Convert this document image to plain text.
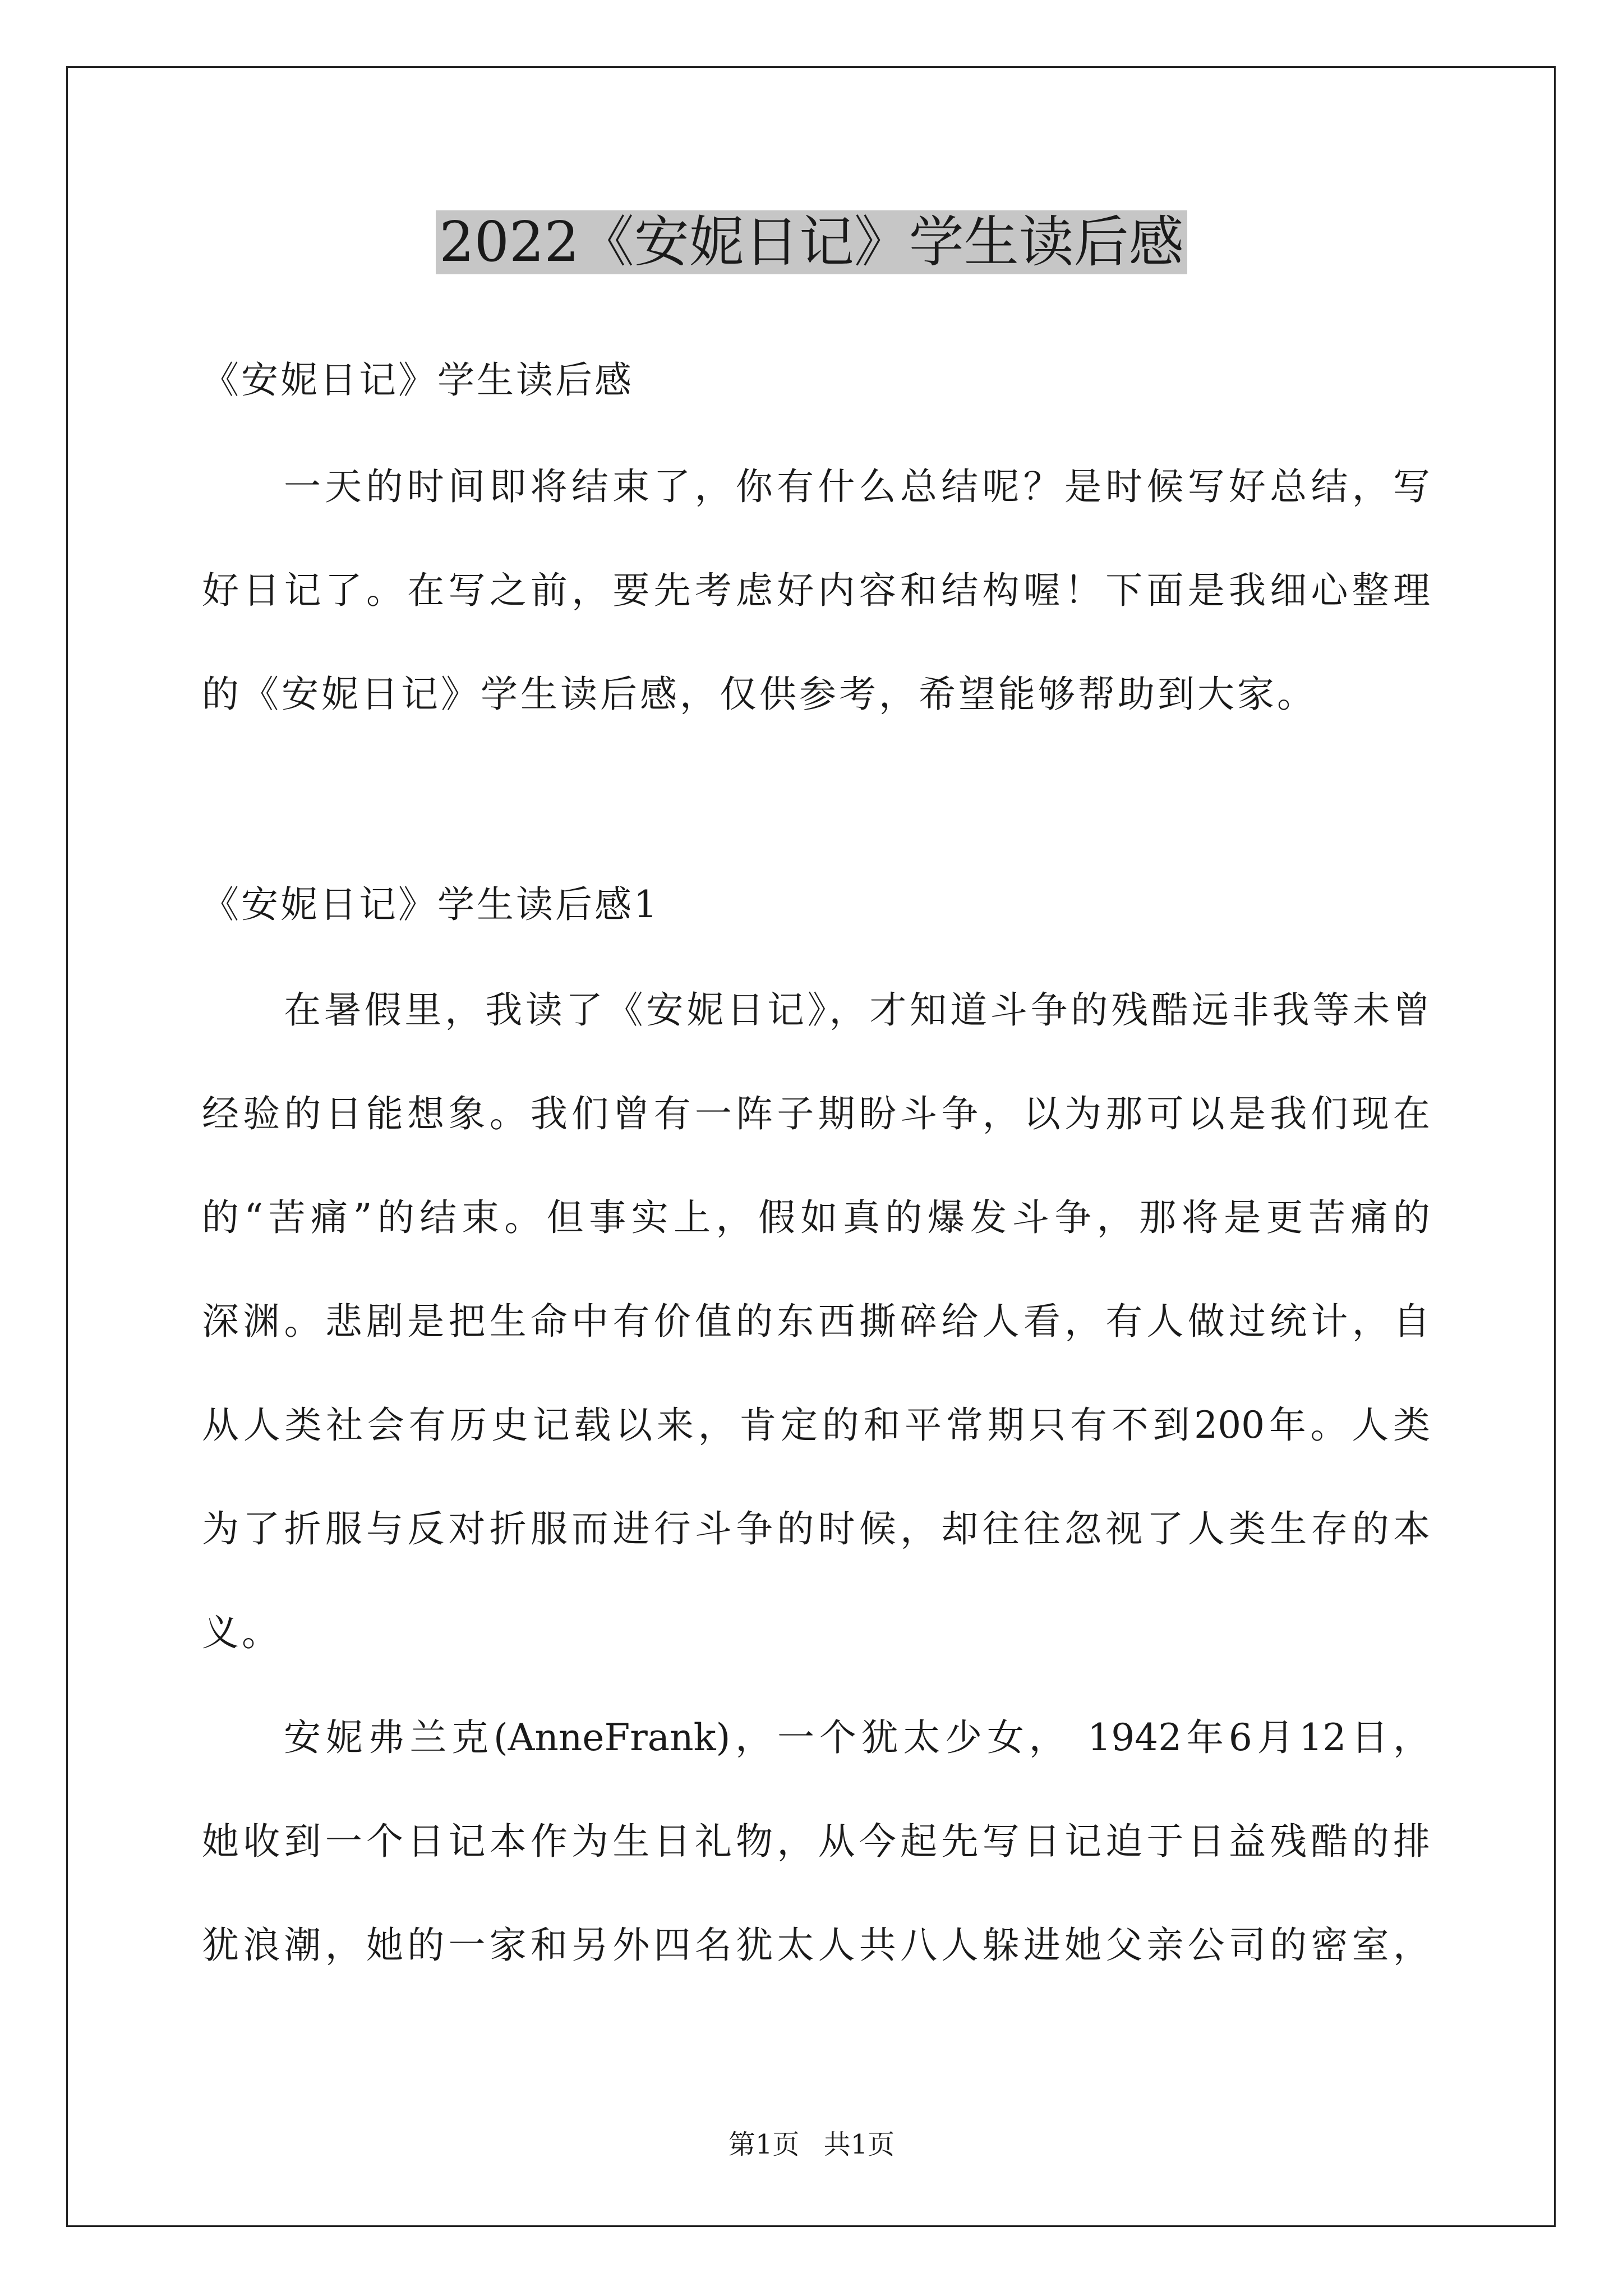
2022《安妮日记》学生读后感
《安妮日记》学生读后感
一天的时间即将结束了，你有什么总结呢？是时候写好总结，写
好日记了。在写之前，要先考虑好内容和结构喔！下面是我细心整理
的《安妮日记》学生读后感，仅供参考，希望能够帮助到大家。
《安妮日记》学生读后感1
在暑假里，我读了《安妮日记》，才知道斗争的残酷远非我等未曾
经验的日能想象。我们曾有一阵子期盼斗争，以为那可以是我们现在
的“苦痛”的结束。但事实上，假如真的爆发斗争，那将是更苦痛的
深渊。悲剧是把生命中有价值的东西撕碎给人看，有人做过统计，自
从人类社会有历史记载以来，肯定的和平常期只有不到200年。人类
为了折服与反对折服而进行斗争的时候，却往往忽视了人类生存的本
义。
安妮弗兰克(AnneFrank)，一个犹太少女， 1942年6月12日，
她收到一个日记本作为生日礼物，从今起先写日记迫于日益残酷的排
犹浪潮，她的一家和另外四名犹太人共八人躲进她父亲公司的密室，
第1页 共1页
